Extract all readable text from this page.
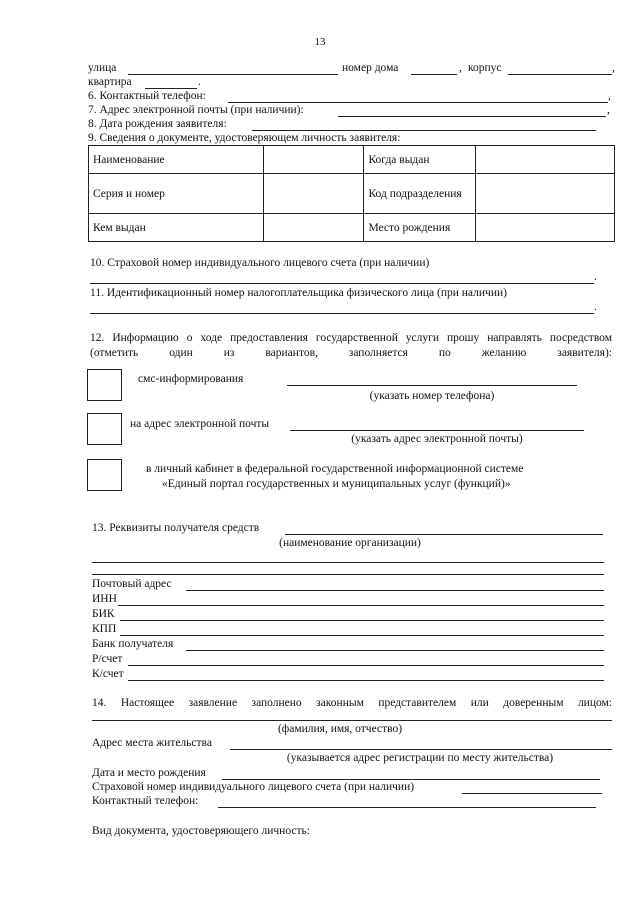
13
улица	номер дома	, корпус	,
квартира	.
6. Контактный телефон:	,
7. Адрес электронной почты (при наличии):	,
8. Дата рождения заявителя:
9. Сведения о документе, удостоверяющем личность заявителя:
Наименование		Когда выдан	
Серия и номер		Код подразделения	
Кем выдан		Место рождения	
10. Страховой номер индивидуального лицевого счета (при наличии)
.
11. Идентификационный номер налогоплательщика физического лица (при наличии)
.
12. Информацию о ходе предоставления государственной услуги прошу направлять посредством (отметить один из вариантов, заполняется по желанию заявителя):
смс-информирования
(указать номер телефона)
на адрес электронной почты
(указать адрес электронной почты)
в личный кабинет в федеральной государственной информационной системе
«Единый портал государственных и муниципальных услуг (функций)»
13. Реквизиты получателя средств
(наименование организации)
Почтовый адрес
ИНН
БИК
КПП
Банк получателя
Р/счет
К/счет
14. Настоящее заявление заполнено законным представителем или доверенным лицом:
(фамилия, имя, отчество)
Адрес места жительства
(указывается адрес регистрации по месту жительства)
Дата и место рождения
Страховой номер индивидуального лицевого счета (при наличии)
Контактный телефон:
Вид документа, удостоверяющего личность:
